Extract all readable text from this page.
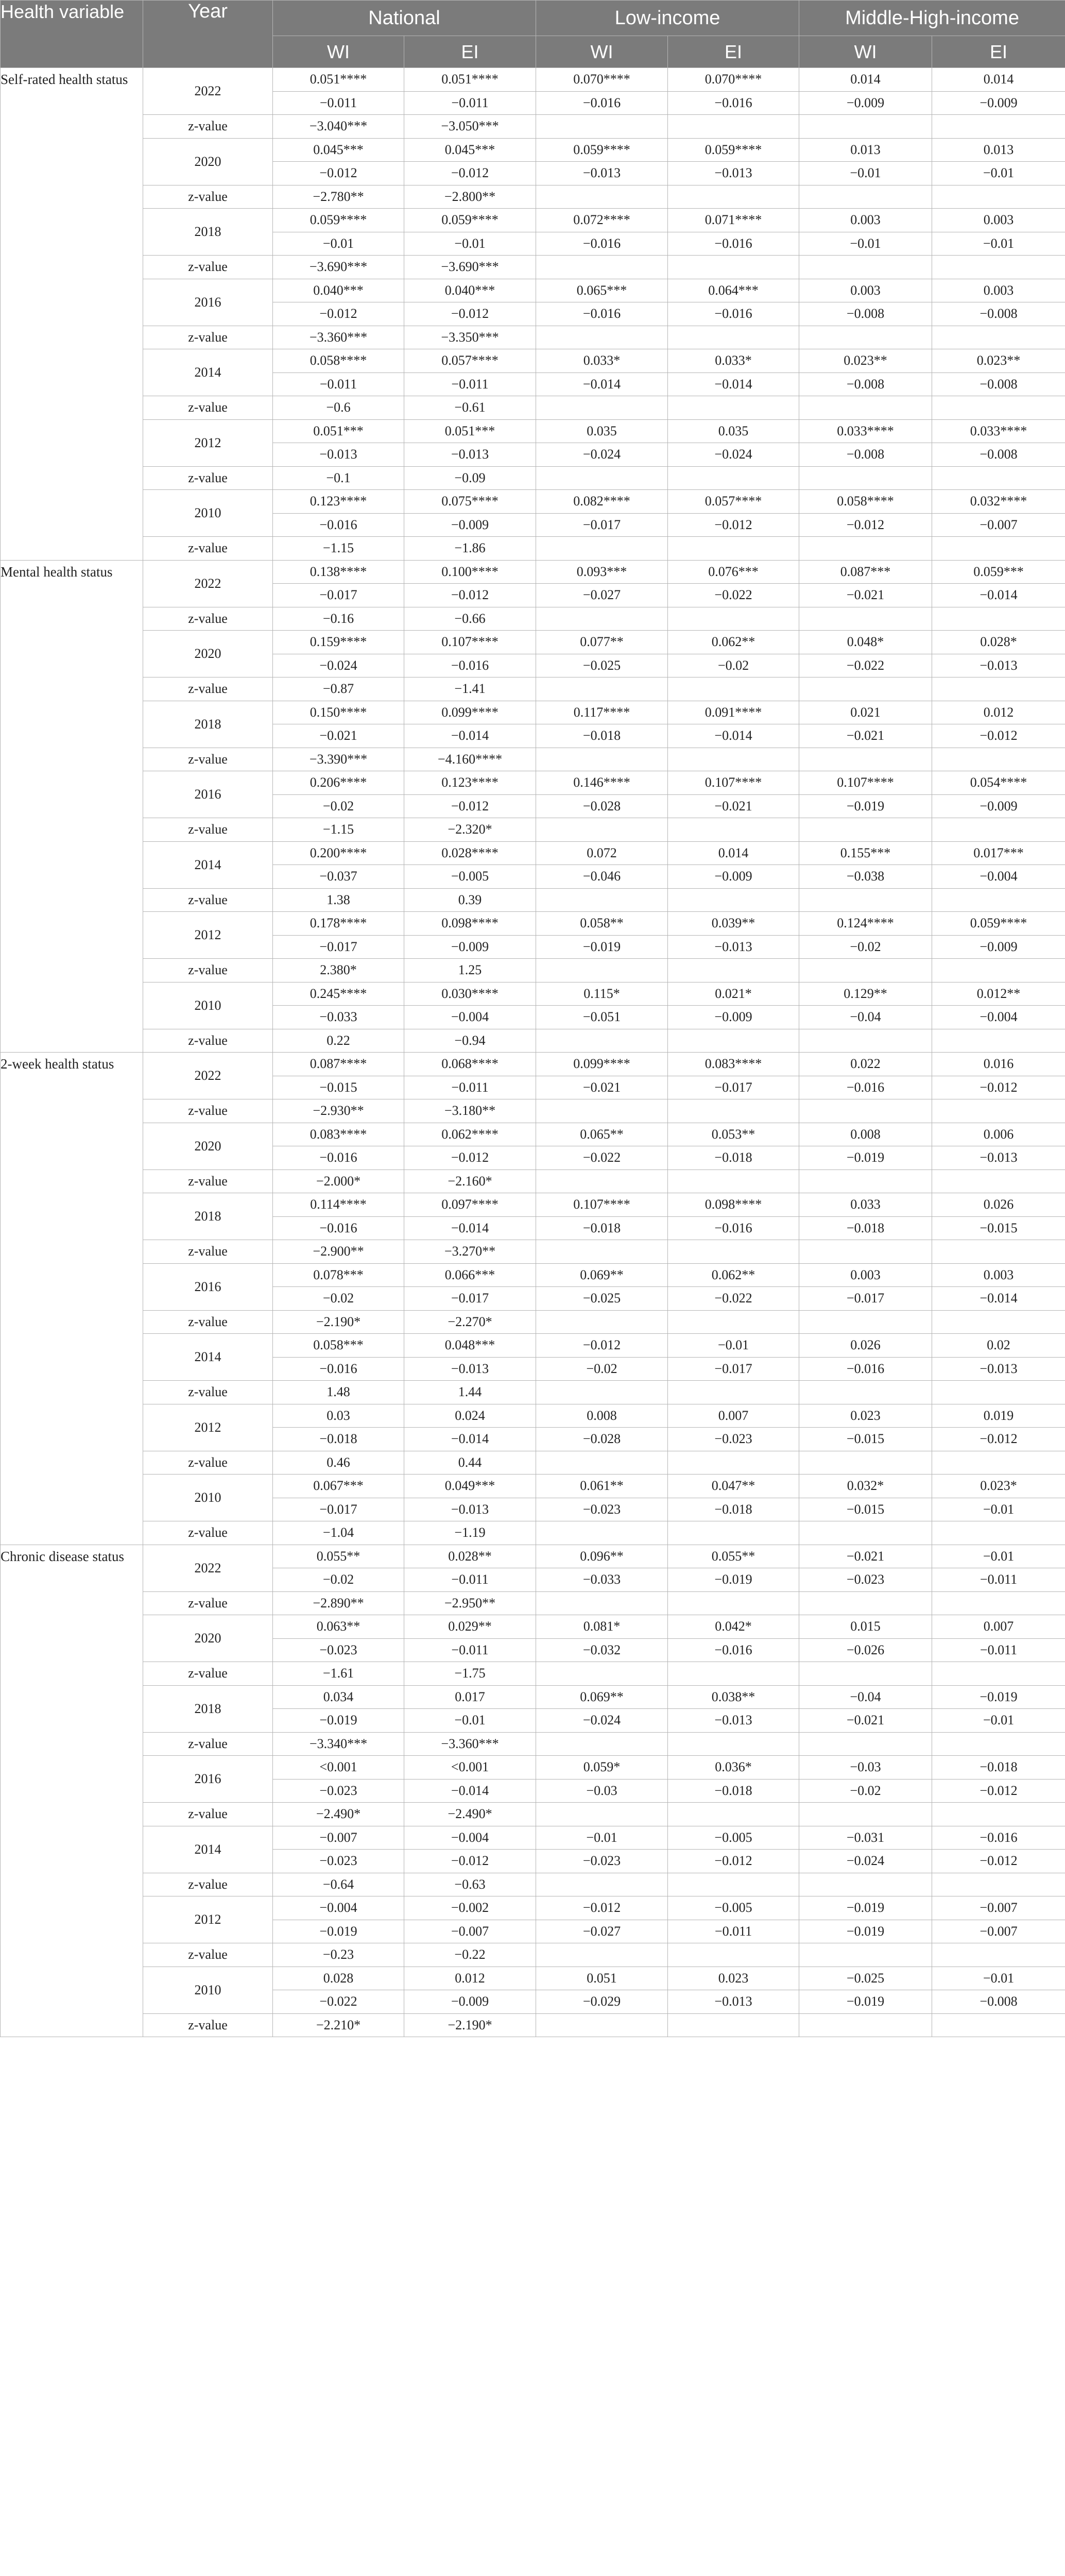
Health variable	Year	National		Low-income		Middle-High-income	
		WI	EI	WI	EI	WI	EI
Self-rated health status	2022	0.051****	0.051****	0.070****	0.070****	0.014	0.014
		−0.011	−0.011	−0.016	−0.016	−0.009	−0.009
	z-value	−3.040***	−3.050***				
	2020	0.045***	0.045***	0.059****	0.059****	0.013	0.013
		−0.012	−0.012	−0.013	−0.013	−0.01	−0.01
	z-value	−2.780**	−2.800**				
	2018	0.059****	0.059****	0.072****	0.071****	0.003	0.003
		−0.01	−0.01	−0.016	−0.016	−0.01	−0.01
	z-value	−3.690***	−3.690***				
	2016	0.040***	0.040***	0.065***	0.064***	0.003	0.003
		−0.012	−0.012	−0.016	−0.016	−0.008	−0.008
	z-value	−3.360***	−3.350***				
	2014	0.058****	0.057****	0.033*	0.033*	0.023**	0.023**
		−0.011	−0.011	−0.014	−0.014	−0.008	−0.008
	z-value	−0.6	−0.61				
	2012	0.051***	0.051***	0.035	0.035	0.033****	0.033****
		−0.013	−0.013	−0.024	−0.024	−0.008	−0.008
	z-value	−0.1	−0.09				
	2010	0.123****	0.075****	0.082****	0.057****	0.058****	0.032****
		−0.016	−0.009	−0.017	−0.012	−0.012	−0.007
	z-value	−1.15	−1.86				
Mental health status	2022	0.138****	0.100****	0.093***	0.076***	0.087***	0.059***
		−0.017	−0.012	−0.027	−0.022	−0.021	−0.014
	z-value	−0.16	−0.66				
	2020	0.159****	0.107****	0.077**	0.062**	0.048*	0.028*
		−0.024	−0.016	−0.025	−0.02	−0.022	−0.013
	z-value	−0.87	−1.41				
	2018	0.150****	0.099****	0.117****	0.091****	0.021	0.012
		−0.021	−0.014	−0.018	−0.014	−0.021	−0.012
	z-value	−3.390***	−4.160****				
	2016	0.206****	0.123****	0.146****	0.107****	0.107****	0.054****
		−0.02	−0.012	−0.028	−0.021	−0.019	−0.009
	z-value	−1.15	−2.320*				
	2014	0.200****	0.028****	0.072	0.014	0.155***	0.017***
		−0.037	−0.005	−0.046	−0.009	−0.038	−0.004
	z-value	1.38	0.39				
	2012	0.178****	0.098****	0.058**	0.039**	0.124****	0.059****
		−0.017	−0.009	−0.019	−0.013	−0.02	−0.009
	z-value	2.380*	1.25				
	2010	0.245****	0.030****	0.115*	0.021*	0.129**	0.012**
		−0.033	−0.004	−0.051	−0.009	−0.04	−0.004
	z-value	0.22	−0.94				
2-week health status	2022	0.087****	0.068****	0.099****	0.083****	0.022	0.016
		−0.015	−0.011	−0.021	−0.017	−0.016	−0.012
	z-value	−2.930**	−3.180**				
	2020	0.083****	0.062****	0.065**	0.053**	0.008	0.006
		−0.016	−0.012	−0.022	−0.018	−0.019	−0.013
	z-value	−2.000*	−2.160*				
	2018	0.114****	0.097****	0.107****	0.098****	0.033	0.026
		−0.016	−0.014	−0.018	−0.016	−0.018	−0.015
	z-value	−2.900**	−3.270**				
	2016	0.078***	0.066***	0.069**	0.062**	0.003	0.003
		−0.02	−0.017	−0.025	−0.022	−0.017	−0.014
	z-value	−2.190*	−2.270*				
	2014	0.058***	0.048***	−0.012	−0.01	0.026	0.02
		−0.016	−0.013	−0.02	−0.017	−0.016	−0.013
	z-value	1.48	1.44				
	2012	0.03	0.024	0.008	0.007	0.023	0.019
		−0.018	−0.014	−0.028	−0.023	−0.015	−0.012
	z-value	0.46	0.44				
	2010	0.067***	0.049***	0.061**	0.047**	0.032*	0.023*
		−0.017	−0.013	−0.023	−0.018	−0.015	−0.01
	z-value	−1.04	−1.19				
Chronic disease status	2022	0.055**	0.028**	0.096**	0.055**	−0.021	−0.01
		−0.02	−0.011	−0.033	−0.019	−0.023	−0.011
	z-value	−2.890**	−2.950**				
	2020	0.063**	0.029**	0.081*	0.042*	0.015	0.007
		−0.023	−0.011	−0.032	−0.016	−0.026	−0.011
	z-value	−1.61	−1.75				
	2018	0.034	0.017	0.069**	0.038**	−0.04	−0.019
		−0.019	−0.01	−0.024	−0.013	−0.021	−0.01
	z-value	−3.340***	−3.360***				
	2016	<0.001	<0.001	0.059*	0.036*	−0.03	−0.018
		−0.023	−0.014	−0.03	−0.018	−0.02	−0.012
	z-value	−2.490*	−2.490*				
	2014	−0.007	−0.004	−0.01	−0.005	−0.031	−0.016
		−0.023	−0.012	−0.023	−0.012	−0.024	−0.012
	z-value	−0.64	−0.63				
	2012	−0.004	−0.002	−0.012	−0.005	−0.019	−0.007
		−0.019	−0.007	−0.027	−0.011	−0.019	−0.007
	z-value	−0.23	−0.22				
	2010	0.028	0.012	0.051	0.023	−0.025	−0.01
		−0.022	−0.009	−0.029	−0.013	−0.019	−0.008
	z-value	−2.210*	−2.190*				
